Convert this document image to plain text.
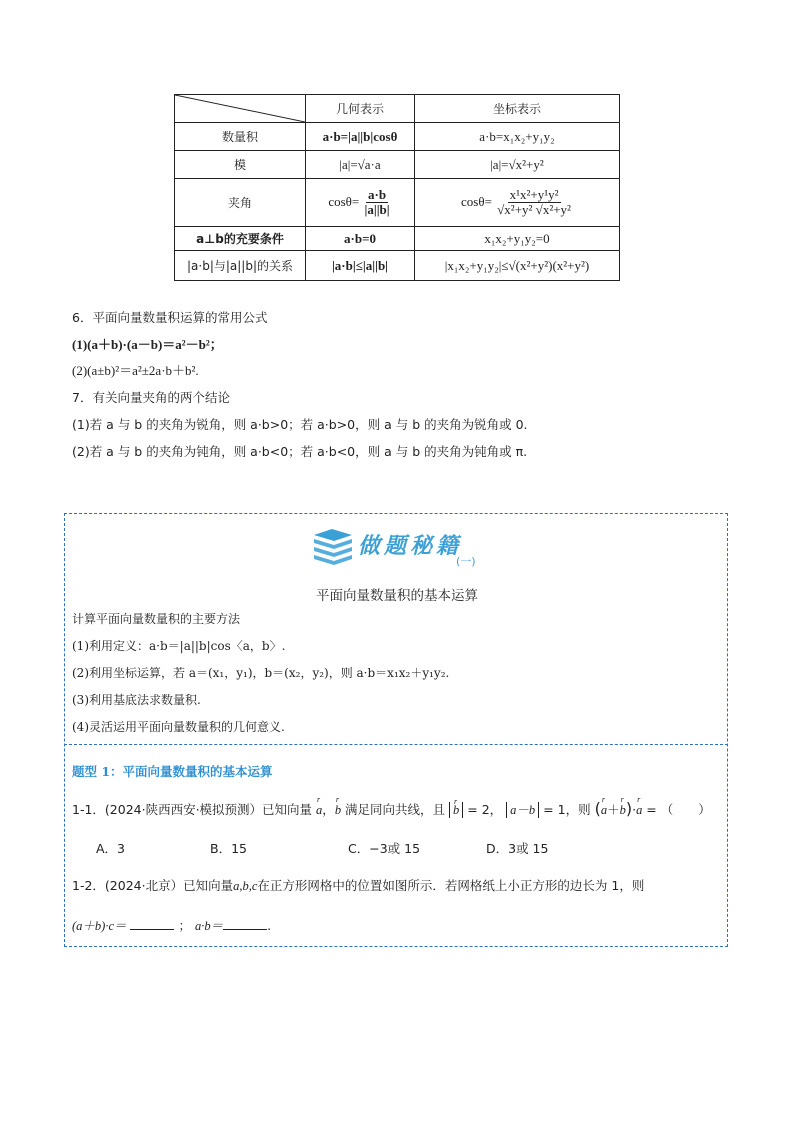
	几何表示	坐标表示
数量积	a·b=|a||b|cosθ	a·b=x₁x₂+y₁y₂
模	|a|=√a·a	|a|=√x²+y²
夹角	$\cos\theta= \frac{a\cdot b}{|a||b|}$	$\cos\theta= \frac{\text{x¹x²+y¹y²}}{\text{√x²+y² √x²+y²}}$

a⊥b的充要条件	a·b=0	x₁x₂+y₁y₂=0
|a·b|与|a||b|的关系	|a·b|≤|a||b|	|x₁x₂+y₁y₂|≤√(x²+y²)(x²+y²)
6．平面向量数量积运算的常用公式
(1)(a＋b)·(a－b)＝a²－b²；
(2)(a±b)²＝a²±2a·b＋b².
7．有关向量夹角的两个结论
(1)若 a 与 b 的夹角为锐角，则 a·b>0；若 a·b>0，则 a 与 b 的夹角为锐角或 0.
(2)若 a 与 b 的夹角为钝角，则 a·b<0；若 a·b<0，则 a 与 b 的夹角为钝角或 π.
做题秘籍
(一)
平面向量数量积的基本运算
计算平面向量数量积的主要方法
(1)利用定义：a·b＝|a||b|cos〈a，b〉.
(2)利用坐标运算，若 a＝(x₁，y₁)，b＝(x₂，y₂)，则 a·b＝x₁x₂＋y₁y₂.
(3)利用基底法求数量积.
(4)灵活运用平面向量数量积的几何意义.
题型 1：平面向量数量积的基本运算
1-1．(2024·陕西西安·模拟预测）已知向量 r a，r b 满足同向共线，且 r b = 2， a－b = 1，则 (r a＋r b)·r a = （　　）
A．3	B．15	C．−3或 15	D．3或 15
1-2．(2024·北京）已知向量a,b,c在正方形网格中的位置如图所示．若网格纸上小正方形的边长为 1，则
(a＋b)·c＝	； a·b＝	.
